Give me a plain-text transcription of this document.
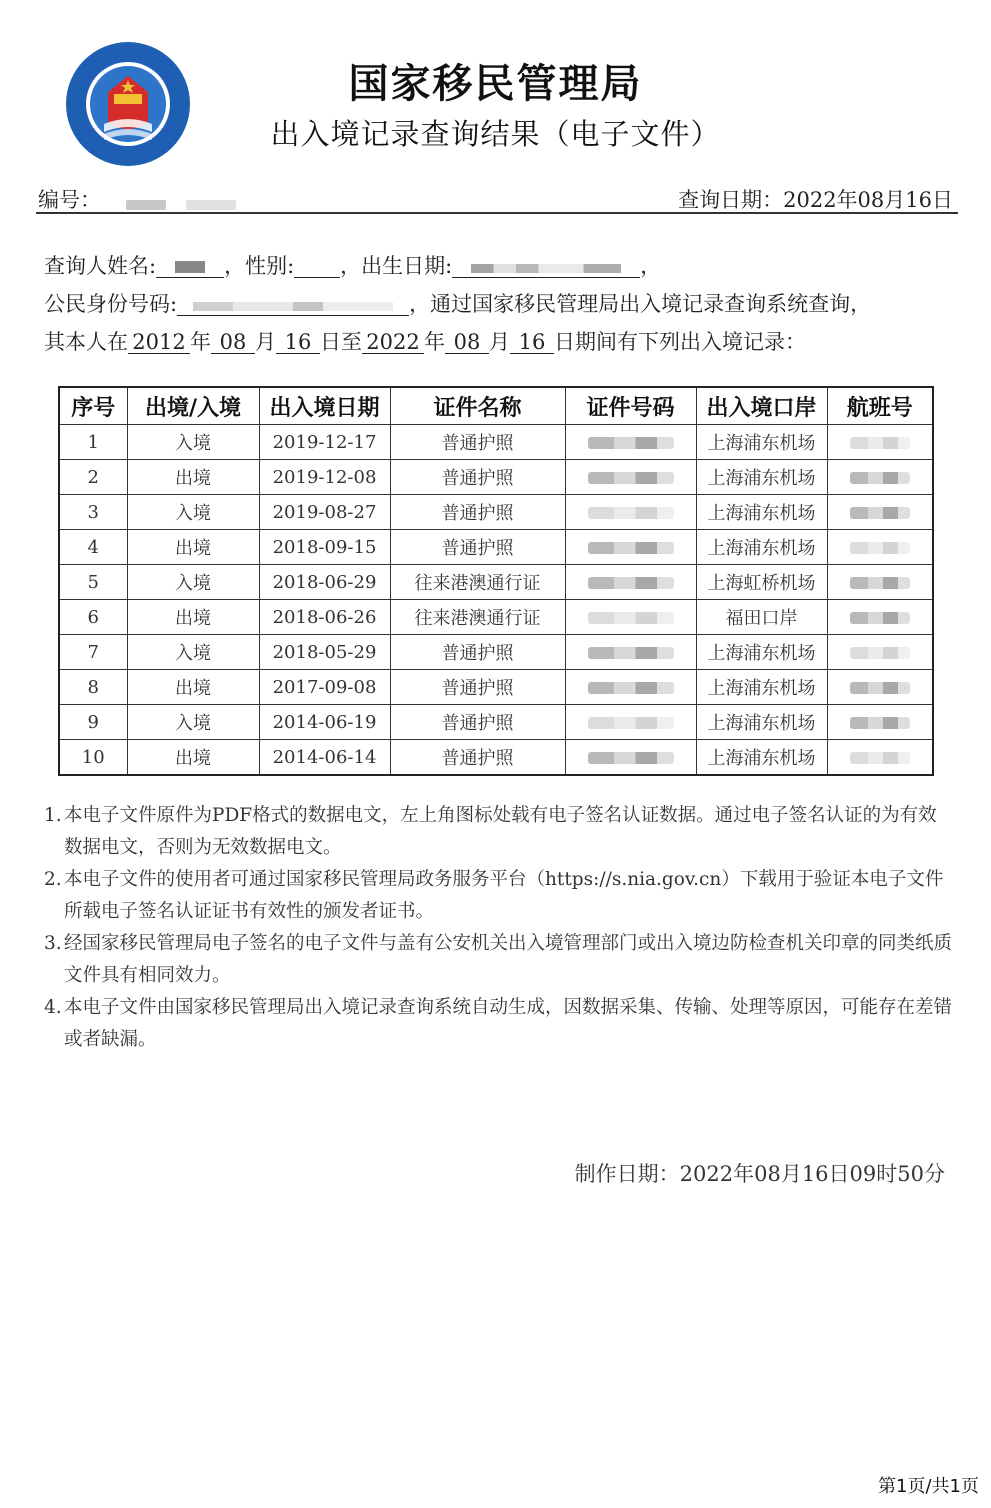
国家移民管理局
出入境记录查询结果（电子文件）
编号：	查询日期：2022年08月16日
查询人姓名:	，性别: ，出生日期:	，
公民身份号码:	，通过国家移民管理局出入境记录查询系统查询，
其本人在 2012 年 08 月 16 日至 2022 年 08 月 16 日期间有下列出入境记录：
序号	出境/入境	出入境日期	证件名称	证件号码	出入境口岸	航班号
1	入境	2019-12-17	普通护照		上海浦东机场	

2	出境	2019-12-08	普通护照		上海浦东机场	

3	入境	2019-08-27	普通护照		上海浦东机场	

4	出境	2018-09-15	普通护照		上海浦东机场	

5	入境	2018-06-29	往来港澳通行证		上海虹桥机场	

6	出境	2018-06-26	往来港澳通行证		福田口岸	

7	入境	2018-05-29	普通护照		上海浦东机场	

8	出境	2017-09-08	普通护照		上海浦东机场	

9	入境	2014-06-19	普通护照		上海浦东机场	

10	出境	2014-06-14	普通护照		上海浦东机场	
1. 本电子文件原件为PDF格式的数据电文，左上角图标处载有电子签名认证数据。通过电子签名认证的为有效数据电文，否则为无效数据电文。
2. 本电子文件的使用者可通过国家移民管理局政务服务平台（https://s.nia.gov.cn）下载用于验证本电子文件所载电子签名认证证书有效性的颁发者证书。
3. 经国家移民管理局电子签名的电子文件与盖有公安机关出入境管理部门或出入境边防检查机关印章的同类纸质文件具有相同效力。
4. 本电子文件由国家移民管理局出入境记录查询系统自动生成，因数据采集、传输、处理等原因，可能存在差错或者缺漏。
制作日期：2022年08月16日09时50分
第1页/共1页
